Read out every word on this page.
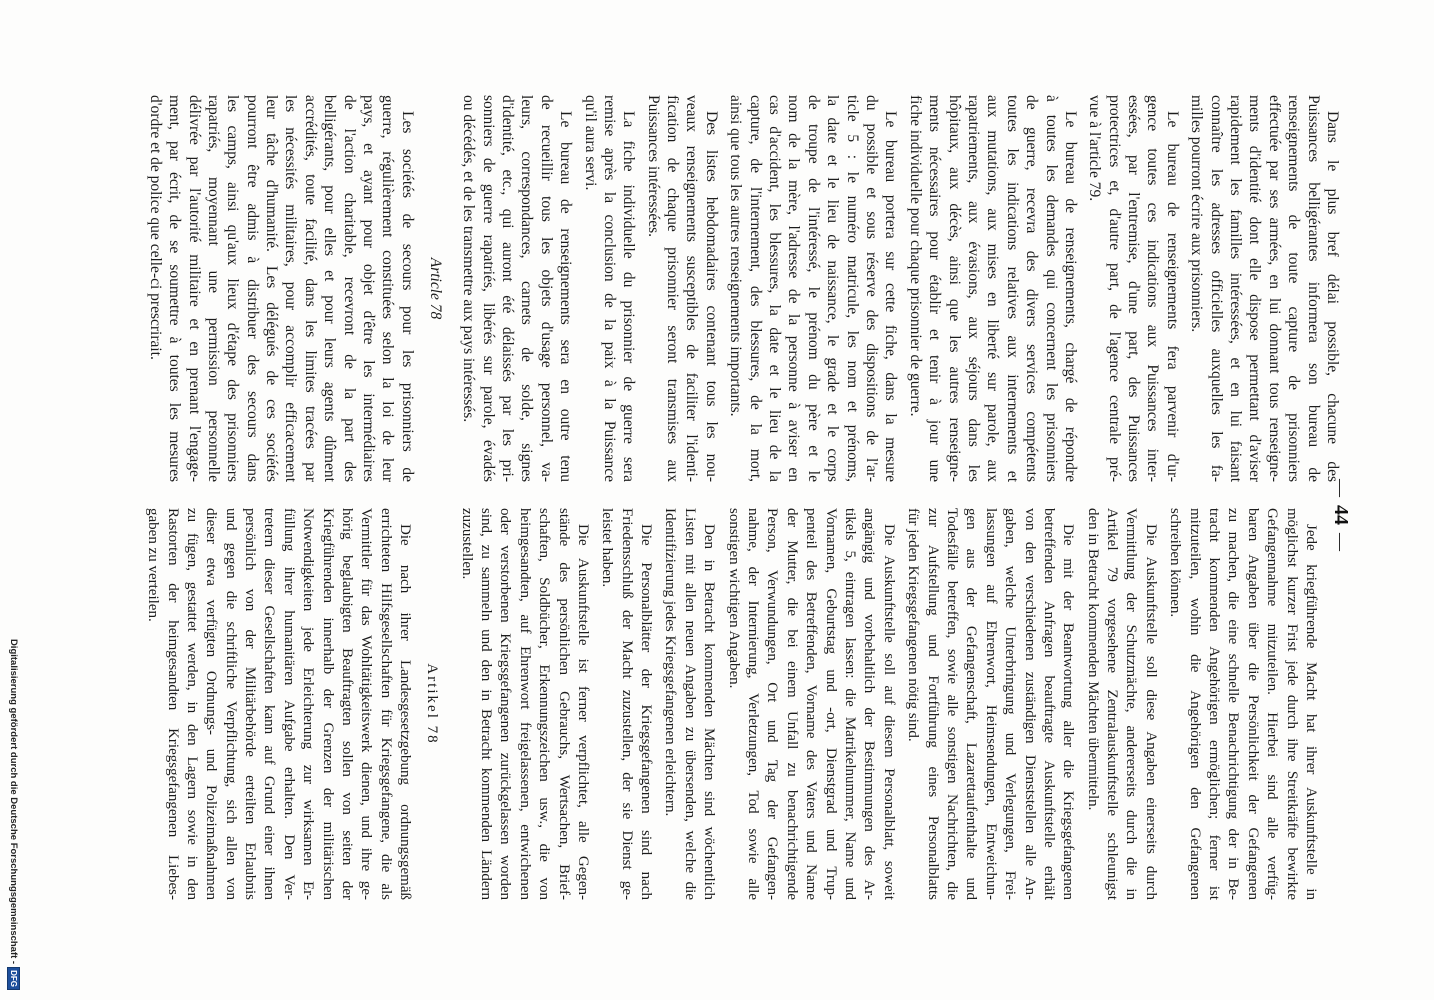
—44—
Dans le plus bref délai possible, chacune des
Puissances belligérantes informera son bureau de
renseignements de toute capture de prisonniers
effectuée par ses armées, en lui donnant tous renseigne-
ments d'identité dont elle dispose permettant d'aviser
rapidement les familles intéressées, et en lui faisant
connaître les adresses officielles auxquelles les fa-
milles pourront écrire aux prisonniers.
Le bureau de renseignements fera parvenir d'ur-
gence toutes ces indications aux Puissances inter-
essées, par l'entremise, d'une part, des Puissances
protectrices et, d'autre part, de l'agence centrale pré-
vue à l'article 79.
Le bureau de renseignements, chargé de répondre
à toutes les demandes qui concernent les prisonniers
de guerre, recevra des divers services compétents
toutes les indications relatives aux internements et
aux mutations, aux mises en liberté sur parole, aux
rapatriements, aux évasions, aux séjours dans les
hôpitaux, aux décès, ainsi que les autres renseigne-
ments nécessaires pour établir et tenir à jour une
fiche individuelle pour chaque prisonnier de guerre.
Le bureau portera sur cette fiche, dans la mesure
du possible et sous réserve des dispositions de l'ar-
ticle 5 : le numéro matricule, les nom et prénoms,
la date et le lieu de naissance, le grade et le corps
de troupe de l'intéressé, le prénom du père et le
nom de la mère, l'adresse de la personne à aviser en
cas d'accident, les blessures, la date et le lieu de la
capture, de l'internement, des blessures, de la mort,
ainsi que tous les autres renseignements importants.
Des listes hebdomadaires contenant tous les nou-
veaux renseignements susceptibles de faciliter l'identi-
fication de chaque prisonnier seront transmises aux
Puissances intéressées.
La fiche individuelle du prisonnier de guerre sera
remise après la conclusion de la paix à la Puissance
qu'il aura servi.
Le bureau de renseignements sera en outre tenu
de recueillir tous les objets d'usage personnel, va-
leurs, correspondances, carnets de solde, signes
d'identité, etc., qui auront été délaissés par les pri-
sonniers de guerre rapatriés, libérés sur parole, évadés
ou décédés, et de les transmettre aux pays intéressés.
Article 78
Les sociétés de secours pour les prisonniers de
guerre, régulièrement constituées selon la loi de leur
pays, et ayant pour objet d'être les intermédiaires
de l'action charitable, recevront de la part des
belligérants, pour elles et pour leurs agents dûment
accrédités, toute facilité, dans les limites tracées par
les nécessités militaires, pour accomplir efficacement
leur tâche d'humanité. Les délégués de ces sociétés
pourront être admis à distribuer des secours dans
les camps, ainsi qu'aux lieux d'étape des prisonniers
rapatriés, moyennant une permission personnelle
délivrée par l'autorité militaire et en prenant l'engage-
ment, par écrit, de se soumettre à toutes les mesures
d'ordre et de police que celle-ci prescrirait.
Jede kriegführende Macht hat ihrer Auskunftstelle in
möglichst kurzer Frist jede durch ihre Streitkräfte bewirkte
Gefangennahme mitzuteilen. Hierbei sind alle verfüg-
baren Angaben über die Persönlichkeit der Gefangenen
zu machen, die eine schnelle Benachrichtigung der in Be-
tracht kommenden Angehörigen ermöglichen; ferner ist
mitzuteilen, wohin die Angehörigen den Gefangenen
schreiben können.
Die Auskunftstelle soll diese Angaben einerseits durch
Vermittlung der Schutzmächte, andererseits durch die in
Artikel 79 vorgesehene Zentralauskunftstelle schleunigst
den in Betracht kommenden Mächten übermitteln.
Die mit der Beantwortung aller die Kriegsgefangenen
betreffenden Anfragen beauftragte Auskunftstelle erhält
von den verschiedenen zuständigen Dienststellen alle An-
gaben, welche Unterbringung und Verlegungen, Frei-
lassungen auf Ehrenwort, Heimsendungen, Entweichun-
gen aus der Gefangenschaft, Lazarettaufenthalte und
Todesfälle betreffen, sowie alle sonstigen Nachrichten, die
zur Aufstellung und Fortführung eines Personalblatts
für jeden Kriegsgefangenen nötig sind.
Die Auskunftstelle soll auf diesem Personalblatt, soweit
angängig und vorbehaltlich der Bestimmungen des Ar-
tikels 5, eintragen lassen: die Matrikelnummer, Name und
Vornamen, Geburtstag und -ort, Dienstgrad und Trup-
penteil des Betreffenden, Vorname des Vaters und Name
der Mutter, die bei einem Unfall zu benachrichtigende
Person, Verwundungen, Ort und Tag der Gefangen-
nahme, der Internierung, Verletzungen, Tod sowie alle
sonstigen wichtigen Angaben.
Den in Betracht kommenden Mächten sind wöchentlich
Listen mit allen neuen Angaben zu übersenden, welche die
Identifizierung jedes Kriegsgefangenen erleichtern.
Die Personalblätter der Kriegsgefangenen sind nach
Friedensschluß der Macht zuzustellen, der sie Dienst ge-
leistet haben.
Die Auskunftstelle ist ferner verpflichtet, alle Gegen-
stände des persönlichen Gebrauchs, Wertsachen, Brief-
schaften, Soldbücher, Erkennungszeichen usw., die von
heimgesandten, auf Ehrenwort freigelassenen, entwichenen
oder verstorbenen Kriegsgefangenen zurückgelassen worden
sind, zu sammeln und den in Betracht kommenden Ländern
zuzustellen.
Artikel 78
Die nach ihrer Landesgesetzgebung ordnungsgemäß
errichteten Hilfsgesellschaften für Kriegsgefangene, die als
Vermittler für das Wohltätigkeitswerk dienen, und ihre ge-
hörig beglaubigten Beauftragten sollen von seiten der
Kriegführenden innerhalb der Grenzen der militärischen
Notwendigkeiten jede Erleichterung zur wirksamen Er-
füllung ihrer humanitären Aufgabe erhalten. Den Ver-
tretern dieser Gesellschaften kann auf Grund einer ihnen
persönlich von der Militärbehörde erteilten Erlaubnis
und gegen die schriftliche Verpflichtung, sich allen von
dieser etwa verfügten Ordnungs- und Polizeimaßnahmen
zu fügen, gestattet werden, in den Lagern sowie in den
Rastorten der heimgesandten Kriegsgefangenen Liebes-
gaben zu verteilen.
Digitalisierung gefördert durch die Deutsche Forschungsgemeinschaft -
DFG
